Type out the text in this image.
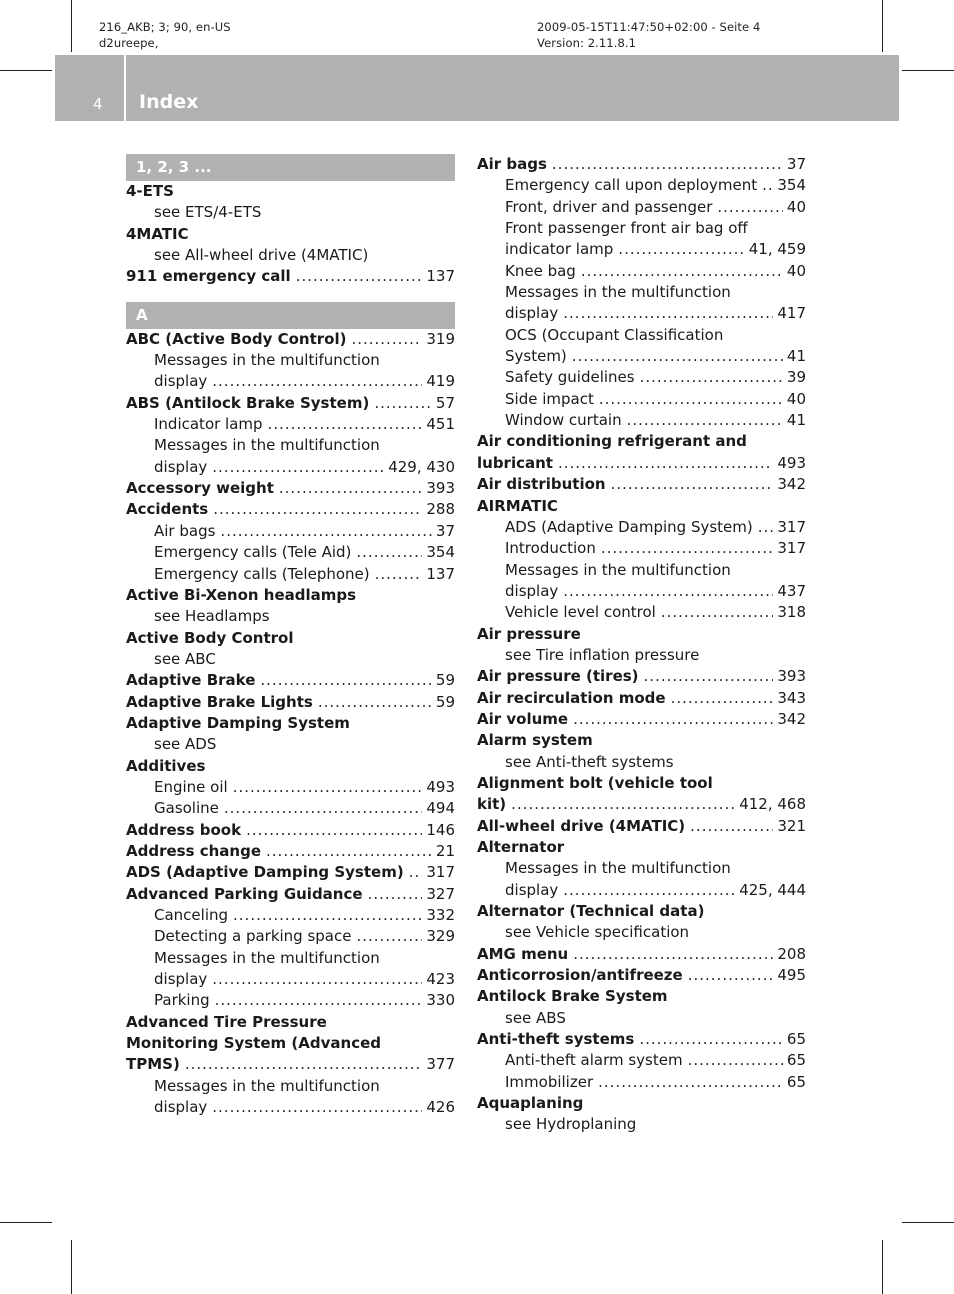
216_AKB; 3; 90, en-US
d2ureepe,
2009-05-15T11:47:50+02:00 - Seite 4
Version: 2.11.8.1
4 Index
1, 2, 3 ...
4-ETS
see ETS/4-ETS
4MATIC
see All-wheel drive (4MATIC)
911 emergency call .....	137
A
ABC (Active Body Control) .....	319
Messages in the multifunction
display .....	419
ABS (Antilock Brake System) .....	57
Indicator lamp .....	451
Messages in the multifunction
display .....	429, 430
Accessory weight .....	393
Accidents .....	288
Air bags .....	37
Emergency calls (Tele Aid) .....	354
Emergency calls (Telephone) .....	137
Active Bi-Xenon headlamps
see Headlamps
Active Body Control
see ABC
Adaptive Brake .....	59
Adaptive Brake Lights .....	59
Adaptive Damping System
see ADS
Additives
Engine oil .....	493
Gasoline .....	494
Address book .....	146
Address change .....	21
ADS (Adaptive Damping System) ..... 317
Advanced Parking Guidance .....	327
Canceling .....	332
Detecting a parking space .....	329
Messages in the multifunction
display .....	423
Parking .....	330
Advanced Tire Pressure
Monitoring System (Advanced
TPMS) .....	377
Messages in the multifunction
display .....	426
Air bags .....	37
Emergency call upon deployment ..... 354
Front, driver and passenger .....	40
Front passenger front air bag off
indicator lamp .....	41, 459
Knee bag .....	40
Messages in the multifunction
display .....	417
OCS (Occupant Classification
System) .....	41
Safety guidelines .....	39
Side impact .....	40
Window curtain .....	41
Air conditioning refrigerant and
lubricant .....	493
Air distribution .....	342
AIRMATIC
ADS (Adaptive Damping System) ..... 317
Introduction .....	317
Messages in the multifunction
display .....	437
Vehicle level control .....	318
Air pressure
see Tire inflation pressure
Air pressure (tires) .....	393
Air recirculation mode .....	343
Air volume .....	342
Alarm system
see Anti-theft systems
Alignment bolt (vehicle tool
kit) .....	412, 468
All-wheel drive (4MATIC) .....	321
Alternator
Messages in the multifunction
display .....	425, 444
Alternator (Technical data)
see Vehicle specification
AMG menu .....	208
Anticorrosion/antifreeze .....	495
Antilock Brake System
see ABS
Anti-theft systems .....	65
Anti-theft alarm system .....	65
Immobilizer .....	65
Aquaplaning
see Hydroplaning
